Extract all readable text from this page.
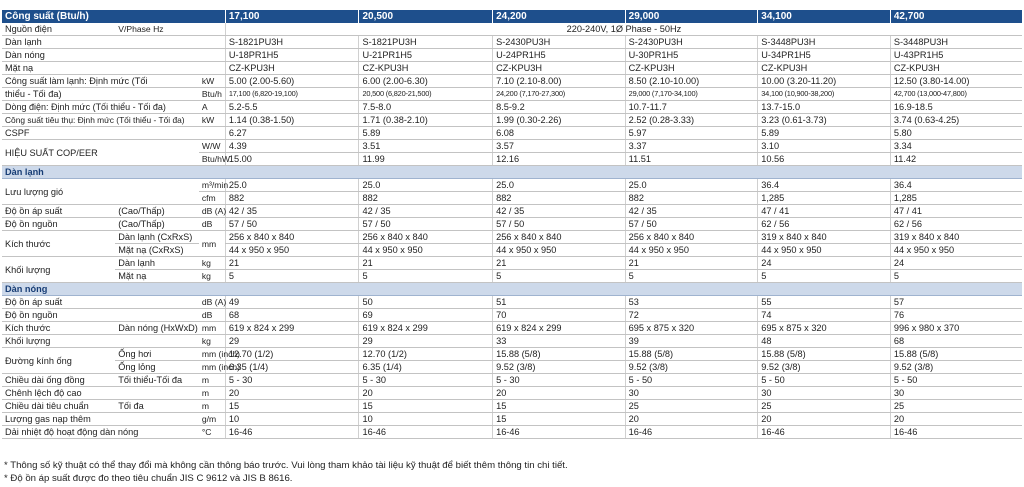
Công suất (Btu/h)			17,100	20,500	24,200	29,000	34,100	42,700
Nguồn điện	V/Phase Hz		220-240V, 1Ø Phase - 50Hz					
Dàn lạnh			S-1821PU3H	S-1821PU3H	S-2430PU3H	S-2430PU3H	S-3448PU3H	S-3448PU3H
Dàn nóng			U-18PR1H5	U-21PR1H5	U-24PR1H5	U-30PR1H5	U-34PR1H5	U-43PR1H5
Mặt nạ			CZ-KPU3H	CZ-KPU3H	CZ-KPU3H	CZ-KPU3H	CZ-KPU3H	CZ-KPU3H
Công suất làm lạnh: Định mức (Tối		kW	5.00 (2.00-5.60)	6.00 (2.00-6.30)	7.10 (2.10-8.00)	8.50 (2.10-10.00)	10.00 (3.20-11.20)	12.50 (3.80-14.00)
thiểu - Tối đa)		Btu/h	17,100 (6,820-19,100)	20,500 (6,820-21,500)	24,200 (7,170-27,300)	29,000 (7,170-34,100)	34,100 (10,900-38,200)	42,700 (13,000-47,800)
Dòng điện: Định mức (Tối thiểu - Tối đa)		A	5.2-5.5	7.5-8.0	8.5-9.2	10.7-11.7	13.7-15.0	16.9-18.5
Công suất tiêu thụ: Định mức (Tối thiểu - Tối đa)		kW	1.14 (0.38-1.50)	1.71 (0.38-2.10)	1.99 (0.30-2.26)	2.52 (0.28-3.33)	3.23 (0.61-3.73)	3.74 (0.63-4.25)
CSPF			6.27	5.89	6.08	5.97	5.89	5.80
HIỆU SUẤT COP/EER		W/W	4.39	3.51	3.57	3.37	3.10	3.34
		Btu/hW	15.00	11.99	12.16	11.51	10.56	11.42
Dàn lạnh								
Lưu lượng gió		m³/min	25.0	25.0	25.0	25.0	36.4	36.4
		cfm	882	882	882	882	1,285	1,285
Độ ồn áp suất	(Cao/Thấp)	dB (A)	42 / 35	42 / 35	42 / 35	42 / 35	47 / 41	47 / 41
Độ ồn nguồn	(Cao/Thấp)	dB	57 / 50	57 / 50	57 / 50	57 / 50	62 / 56	62 / 56
Kích thước	Dàn lạnh (CxRxS)	mm	256 x 840 x 840	256 x 840 x 840	256 x 840 x 840	256 x 840 x 840	319 x 840 x 840	319 x 840 x 840
	Mặt nạ (CxRxS)		44 x 950 x 950	44 x 950 x 950	44 x 950 x 950	44 x 950 x 950	44 x 950 x 950	44 x 950 x 950
Khối lượng	Dàn lạnh	kg	21	21	21	21	24	24
	Mặt nạ	kg	5	5	5	5	5	5
Dàn nóng								
Độ ồn áp suất		dB (A)	49	50	51	53	55	57
Độ ồn nguồn		dB	68	69	70	72	74	76
Kích thước	Dàn nóng (HxWxD)	mm	619 x 824 x 299	619 x 824 x 299	619 x 824 x 299	695 x 875 x 320	695 x 875 x 320	996 x 980 x 370
Khối lượng		kg	29	29	33	39	48	68
Đường kính ống	Ống hơi	mm (inch)	12.70 (1/2)	12.70 (1/2)	15.88 (5/8)	15.88 (5/8)	15.88 (5/8)	15.88 (5/8)
	Ống lỏng	mm (inch)	6.35 (1/4)	6.35 (1/4)	9.52 (3/8)	9.52 (3/8)	9.52 (3/8)	9.52 (3/8)
Chiều dài ống đồng	Tối thiểu-Tối đa	m	5 - 30	5 - 30	5 - 30	5 - 50	5 - 50	5 - 50
Chênh lệch độ cao		m	20	20	20	30	30	30
Chiều dài tiêu chuẩn	Tối đa	m	15	15	15	25	25	25
Lượng gas nạp thêm		g/m	10	10	15	20	20	20
Dải nhiệt độ hoạt động dàn nóng		°C	16-46	16-46	16-46	16-46	16-46	16-46
* Thông số kỹ thuật có thể thay đổi mà không cần thông báo trước. Vui lòng tham khảo tài liệu kỹ thuật để biết thêm thông tin chi tiết.
* Độ ồn áp suất được đo theo tiêu chuẩn JIS C 9612 và JIS B 8616.
